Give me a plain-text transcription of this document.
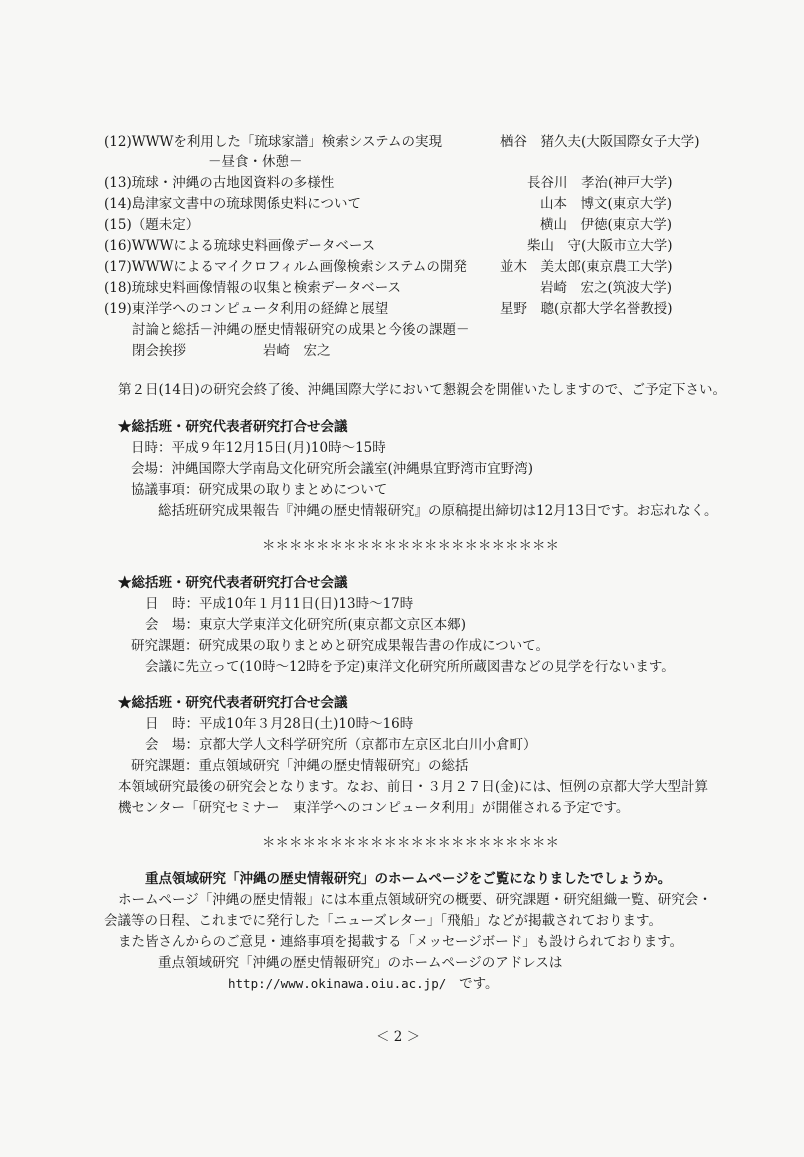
(12)WWWを利用した「琉球家譜」検索システムの実現	楢谷　猪久夫(大阪国際女子大学)
－昼食・休憩－
(13)琉球・沖縄の古地図資料の多様性	長谷川　孝治(神戸大学)
(14)島津家文書中の琉球関係史料について	山本　博文(東京大学)
(15)（題未定）	横山　伊徳(東京大学)
(16)WWWによる琉球史料画像データベース	柴山　守(大阪市立大学)
(17)WWWによるマイクロフィルム画像検索システムの開発 並木　美太郎(東京農工大学)
(18)琉球史料画像情報の収集と検索データベース	岩崎　宏之(筑波大学)
(19)東洋学へのコンピュータ利用の経緯と展望	星野　聰(京都大学名誉教授)
討論と総括－沖縄の歴史情報研究の成果と今後の課題－
閉会挨拶	岩崎　宏之
第２日(14日)の研究会終了後、沖縄国際大学において懇親会を開催いたしますので、ご予定下さい。
★総括班・研究代表者研究打合せ会議
日時：平成９年12月15日(月)10時～15時
会場：沖縄国際大学南島文化研究所会議室(沖縄県宜野湾市宜野湾)
協議事項：研究成果の取りまとめについて
総括班研究成果報告『沖縄の歴史情報研究』の原稿提出締切は12月13日です。お忘れなく。
＊＊＊＊＊＊＊＊＊＊＊＊＊＊＊＊＊＊＊＊＊＊
★総括班・研究代表者研究打合せ会議
日　時：平成10年１月11日(日)13時～17時
会　場：東京大学東洋文化研究所(東京都文京区本郷)
研究課題：研究成果の取りまとめと研究成果報告書の作成について。
会議に先立って(10時～12時を予定)東洋文化研究所所蔵図書などの見学を行ないます。
★総括班・研究代表者研究打合せ会議
日　時：平成10年３月28日(土)10時～16時
会　場：京都大学人文科学研究所（京都市左京区北白川小倉町）
研究課題：重点領域研究「沖縄の歴史情報研究」の総括
本領域研究最後の研究会となります。なお、前日・３月２７日(金)には、恒例の京都大学大型計算
機センター「研究セミナー　東洋学へのコンピュータ利用」が開催される予定です。
＊＊＊＊＊＊＊＊＊＊＊＊＊＊＊＊＊＊＊＊＊＊
重点領域研究「沖縄の歴史情報研究」のホームページをご覧になりましたでしょうか。
ホームページ「沖縄の歴史情報」には本重点領域研究の概要、研究課題・研究組織一覧、研究会・
会議等の日程、これまでに発行した「ニューズレター」「飛船」などが掲載されております。
また皆さんからのご意見・連絡事項を掲載する「メッセージボード」も設けられております。
重点領域研究「沖縄の歴史情報研究」のホームページのアドレスは
http://www.okinawa.oiu.ac.jp/ です。
＜ 2 ＞
